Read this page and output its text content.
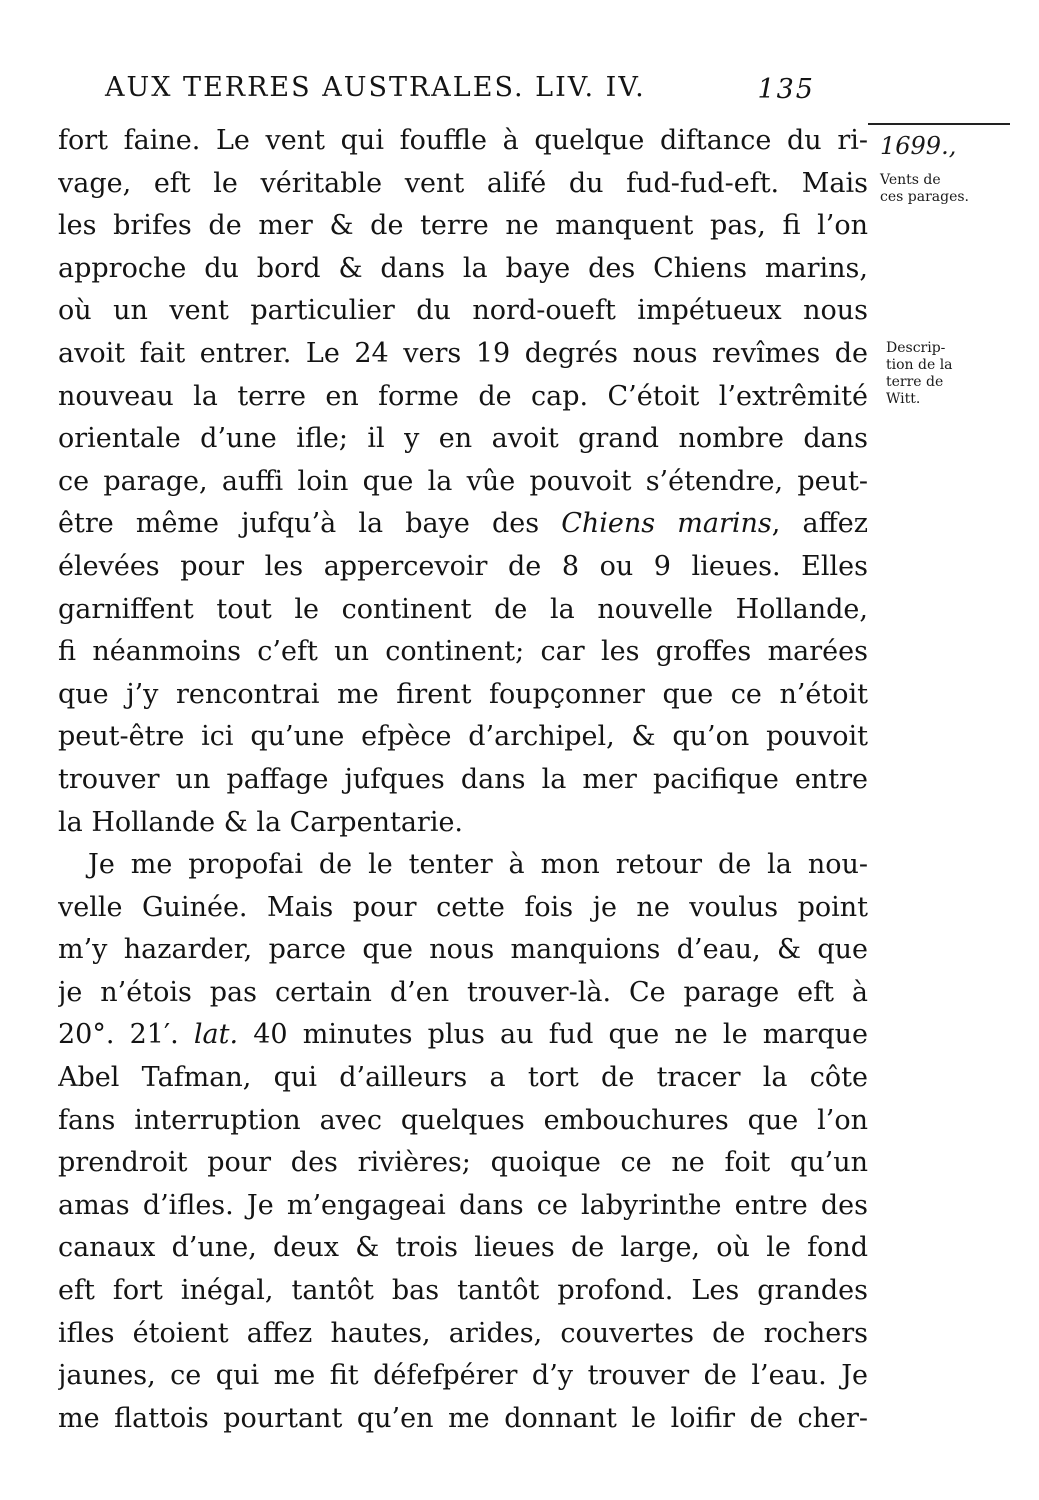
AUX TERRES AUSTRALES. LIV. IV.	135
1699.,
Vents de
ces parages.
Descrip-
tion de la
terre de
Witt.
fort faine. Le vent qui fouffle à quelque diftance du ri-
vage, eft le véritable vent alifé du fud-fud-eft. Mais
les brifes de mer & de terre ne manquent pas, fi l’on
approche du bord & dans la baye des Chiens marins,
où un vent particulier du nord-oueft impétueux nous
avoit fait entrer. Le 24 vers 19 degrés nous revîmes de
nouveau la terre en forme de cap. C’étoit l’extrêmité
orientale d’une ifle; il y en avoit grand nombre dans
ce parage, auffi loin que la vûe pouvoit s’étendre, peut-
être même jufqu’à la baye des Chiens marins, affez
élevées pour les appercevoir de 8 ou 9 lieues. Elles
garniffent tout le continent de la nouvelle Hollande,
fi néanmoins c’eft un continent; car les groffes marées
que j’y rencontrai me firent foupçonner que ce n’étoit
peut-être ici qu’une efpèce d’archipel, & qu’on pouvoit
trouver un paffage jufques dans la mer pacifique entre
la Hollande & la Carpentarie.
Je me propofai de le tenter à mon retour de la nou-
velle Guinée. Mais pour cette fois je ne voulus point
m’y hazarder, parce que nous manquions d’eau, & que
je n’étois pas certain d’en trouver-là. Ce parage eft à
20°. 21′. lat. 40 minutes plus au fud que ne le marque
Abel Tafman, qui d’ailleurs a tort de tracer la côte
fans interruption avec quelques embouchures que l’on
prendroit pour des rivières; quoique ce ne foit qu’un
amas d’ifles. Je m’engageai dans ce labyrinthe entre des
canaux d’une, deux & trois lieues de large, où le fond
eft fort inégal, tantôt bas tantôt profond. Les grandes
ifles étoient affez hautes, arides, couvertes de rochers
jaunes, ce qui me fit défefpérer d’y trouver de l’eau. Je
me flattois pourtant qu’en me donnant le loifir de cher-
